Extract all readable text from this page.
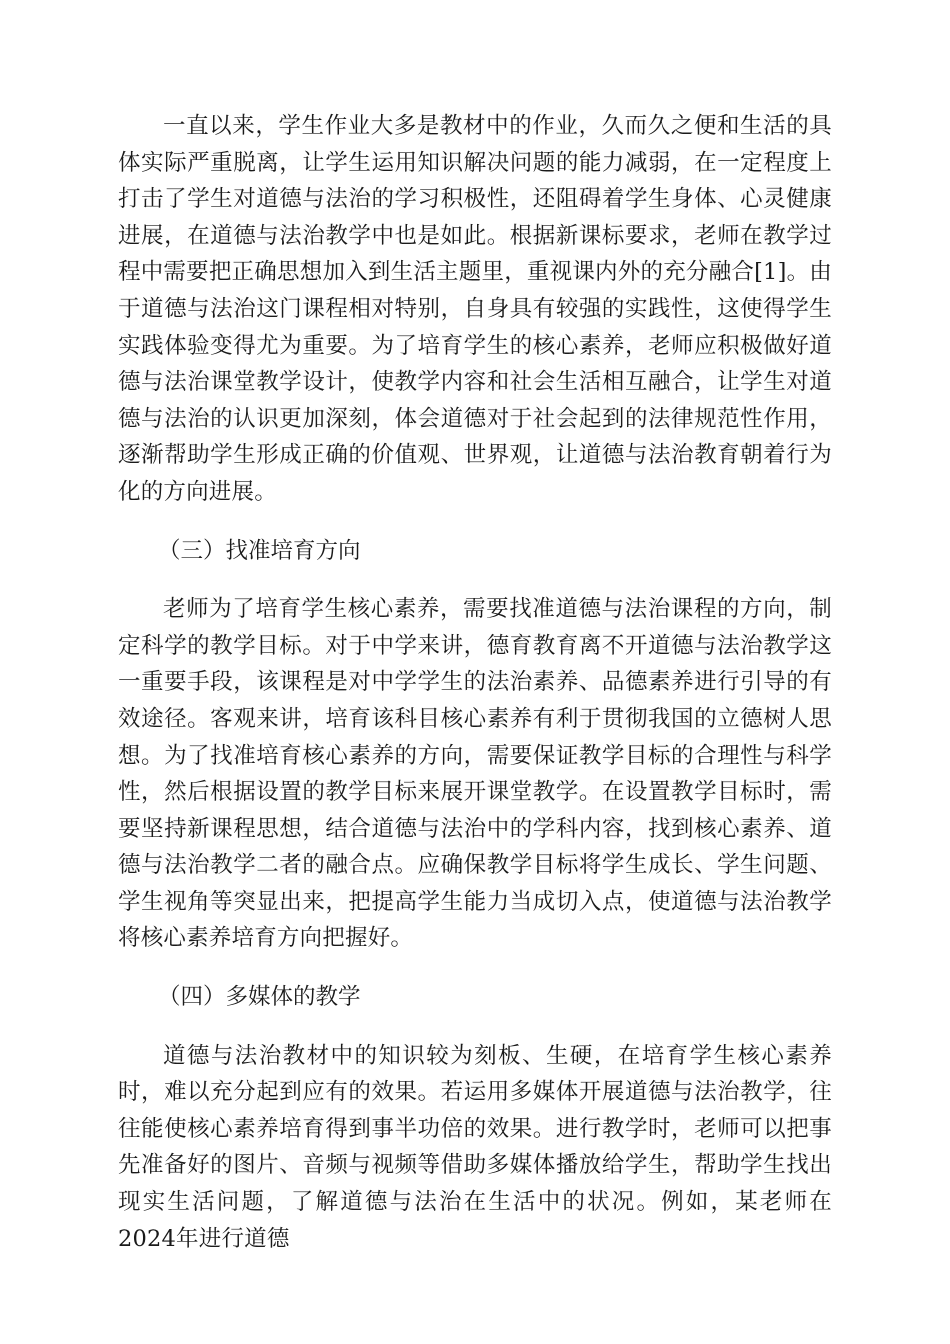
一直以来，学生作业大多是教材中的作业，久而久之便和生活的具体实际严重脱离，让学生运用知识解决问题的能力减弱，在一定程度上打击了学生对道德与法治的学习积极性，还阻碍着学生身体、心灵健康进展，在道德与法治教学中也是如此。根据新课标要求，老师在教学过程中需要把正确思想加入到生活主题里，重视课内外的充分融合[1]。由于道德与法治这门课程相对特别，自身具有较强的实践性，这使得学生实践体验变得尤为重要。为了培育学生的核心素养，老师应积极做好道德与法治课堂教学设计，使教学内容和社会生活相互融合，让学生对道德与法治的认识更加深刻，体会道德对于社会起到的法律规范性作用，逐渐帮助学生形成正确的价值观、世界观，让道德与法治教育朝着行为化的方向进展。

（三）找准培育方向

老师为了培育学生核心素养，需要找准道德与法治课程的方向，制定科学的教学目标。对于中学来讲，德育教育离不开道德与法治教学这一重要手段，该课程是对中学学生的法治素养、品德素养进行引导的有效途径。客观来讲，培育该科目核心素养有利于贯彻我国的立德树人思想。为了找准培育核心素养的方向，需要保证教学目标的合理性与科学性，然后根据设置的教学目标来展开课堂教学。在设置教学目标时，需要坚持新课程思想，结合道德与法治中的学科内容，找到核心素养、道德与法治教学二者的融合点。应确保教学目标将学生成长、学生问题、学生视角等突显出来，把提高学生能力当成切入点，使道德与法治教学将核心素养培育方向把握好。

（四）多媒体的教学

道德与法治教材中的知识较为刻板、生硬，在培育学生核心素养时，难以充分起到应有的效果。若运用多媒体开展道德与法治教学，往往能使核心素养培育得到事半功倍的效果。进行教学时，老师可以把事先准备好的图片、音频与视频等借助多媒体播放给学生，帮助学生找出现实生活问题，了解道德与法治在生活中的状况。例如，某老师在2024年进行道德
